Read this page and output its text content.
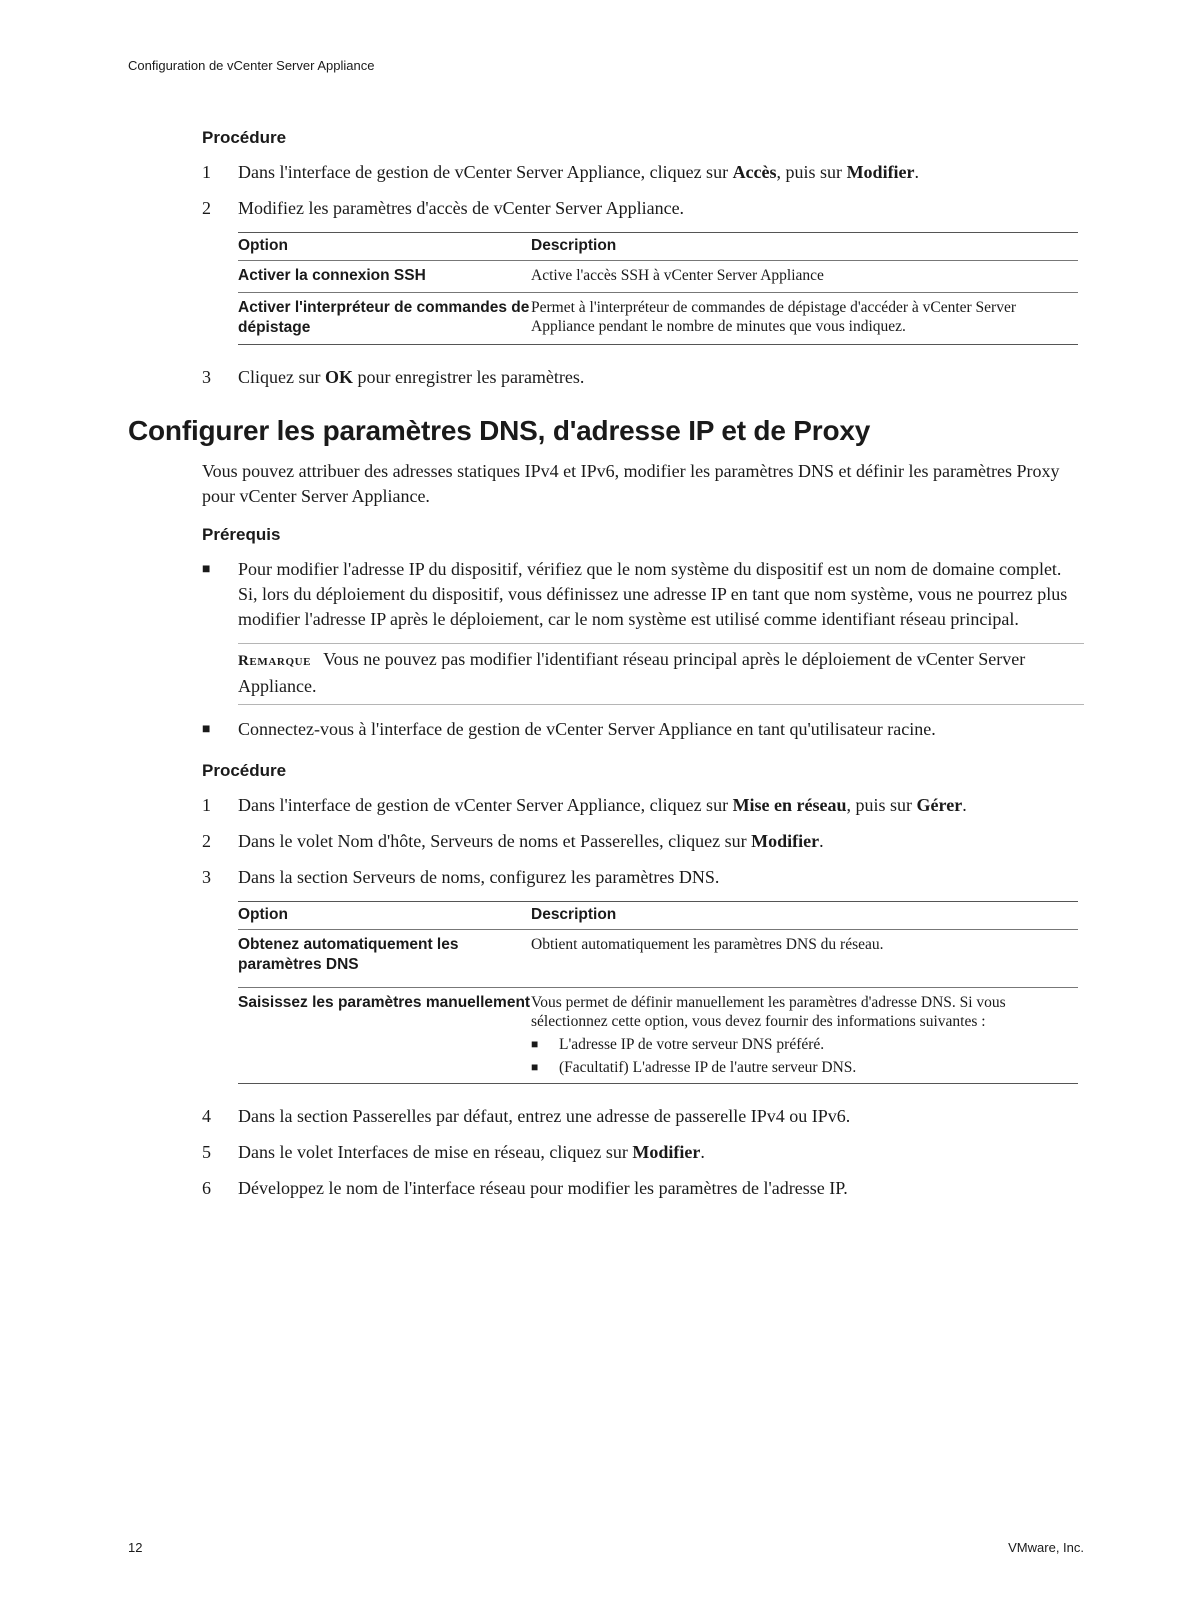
Configuration de vCenter Server Appliance
Procédure
1	Dans l'interface de gestion de vCenter Server Appliance, cliquez sur Accès, puis sur Modifier.
2	Modifiez les paramètres d'accès de vCenter Server Appliance.
Option	Description
Activer la connexion SSH	Active l'accès SSH à vCenter Server Appliance
Activer l'interpréteur de commandes de dépistage	Permet à l'interpréteur de commandes de dépistage d'accéder à vCenter Server Appliance pendant le nombre de minutes que vous indiquez.
3	Cliquez sur OK pour enregistrer les paramètres.
Configurer les paramètres DNS, d'adresse IP et de Proxy

Vous pouvez attribuer des adresses statiques IPv4 et IPv6, modifier les paramètres DNS et définir les paramètres Proxy pour vCenter Server Appliance.

Prérequis
■	Pour modifier l'adresse IP du dispositif, vérifiez que le nom système du dispositif est un nom de domaine complet. Si, lors du déploiement du dispositif, vous définissez une adresse IP en tant que nom système, vous ne pourrez plus modifier l'adresse IP après le déploiement, car le nom système est utilisé comme identifiant réseau principal.
Remarque Vous ne pouvez pas modifier l'identifiant réseau principal après le déploiement de vCenter Server Appliance.
■	Connectez-vous à l'interface de gestion de vCenter Server Appliance en tant qu'utilisateur racine.
Procédure
1	Dans l'interface de gestion de vCenter Server Appliance, cliquez sur Mise en réseau, puis sur Gérer.
2	Dans le volet Nom d'hôte, Serveurs de noms et Passerelles, cliquez sur Modifier.
3	Dans la section Serveurs de noms, configurez les paramètres DNS.
Option	Description
Obtenez automatiquement les paramètres DNS	Obtient automatiquement les paramètres DNS du réseau.
Saisissez les paramètres manuellement	Vous permet de définir manuellement les paramètres d'adresse DNS. Si vous sélectionnez cette option, vous devez fournir des informations suivantes :
■ L'adresse IP de votre serveur DNS préféré.
■ (Facultatif) L'adresse IP de l'autre serveur DNS.
4	Dans la section Passerelles par défaut, entrez une adresse de passerelle IPv4 ou IPv6.
5	Dans le volet Interfaces de mise en réseau, cliquez sur Modifier.
6	Développez le nom de l'interface réseau pour modifier les paramètres de l'adresse IP.
12	VMware, Inc.
